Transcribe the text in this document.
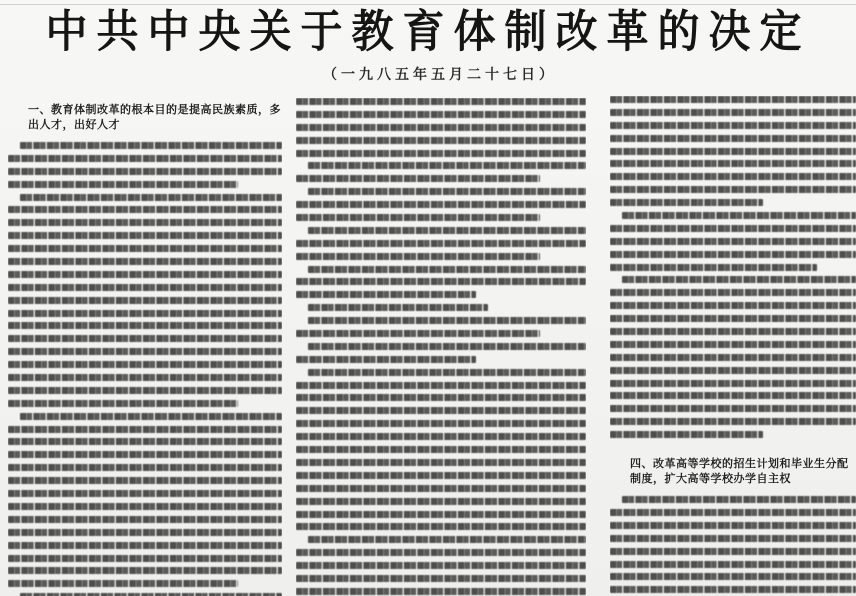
中共中央关于教育体制改革的决定
（一九八五年五月二十七日）
一、教育体制改革的根本目的是提高民族素质，多出人才，出好人才
四、改革高等学校的招生计划和毕业生分配制度，扩大高等学校办学自主权
